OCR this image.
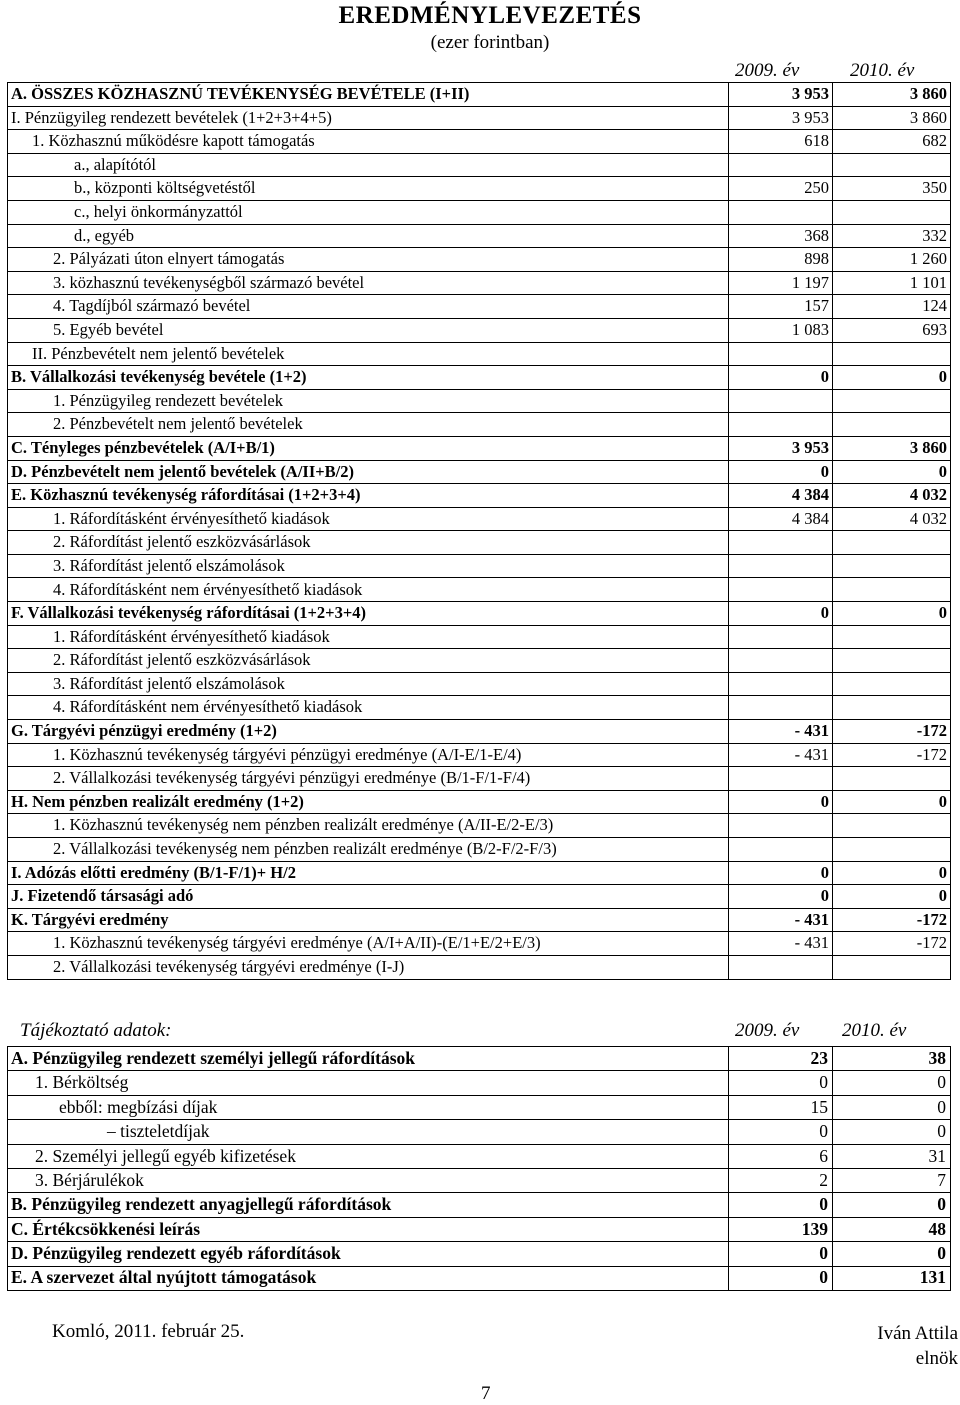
EREDMÉNYLEVEZETÉS
(ezer forintban)
2009. év	2010. év
A. ÖSSZES KÖZHASZNÚ TEVÉKENYSÉG BEVÉTELE (I+II)	3 953	3 860
I. Pénzügyileg rendezett bevételek (1+2+3+4+5)	3 953	3 860
1. Közhasznú működésre kapott támogatás	618	682
a., alapítótól		
b., központi költségvetéstől	250	350
c., helyi önkormányzattól		
d., egyéb	368	332
2. Pályázati úton elnyert támogatás	898	1 260
3. közhasznú tevékenységből származó bevétel	1 197	1 101
4. Tagdíjból származó bevétel	157	124
5. Egyéb bevétel	1 083	693
II. Pénzbevételt nem jelentő bevételek		
B. Vállalkozási tevékenység bevétele (1+2)	0	0
1. Pénzügyileg rendezett bevételek		
2. Pénzbevételt nem jelentő bevételek		
C. Tényleges pénzbevételek (A/I+B/1)	3 953	3 860
D. Pénzbevételt nem jelentő bevételek (A/II+B/2)	0	0
E. Közhasznú tevékenység ráfordításai (1+2+3+4)	4 384	4 032
1. Ráfordításként érvényesíthető kiadások	4 384	4 032
2. Ráfordítást jelentő eszközvásárlások		
3. Ráfordítást jelentő elszámolások		
4. Ráfordításként nem érvényesíthető kiadások		
F. Vállalkozási tevékenység ráfordításai (1+2+3+4)	0	0
1. Ráfordításként érvényesíthető kiadások		
2. Ráfordítást jelentő eszközvásárlások		
3. Ráfordítást jelentő elszámolások		
4. Ráfordításként nem érvényesíthető kiadások		
G. Tárgyévi pénzügyi eredmény (1+2)	- 431	-172
1. Közhasznú tevékenység tárgyévi pénzügyi eredménye (A/I-E/1-E/4)	- 431	-172
2. Vállalkozási tevékenység tárgyévi pénzügyi eredménye (B/1-F/1-F/4)		
H. Nem pénzben realizált eredmény (1+2)	0	0
1. Közhasznú tevékenység nem pénzben realizált eredménye (A/II-E/2-E/3)		
2. Vállalkozási tevékenység nem pénzben realizált eredménye (B/2-F/2-F/3)		
I. Adózás előtti eredmény (B/1-F/1)+ H/2	0	0
J. Fizetendő társasági adó	0	0
K. Tárgyévi eredmény	- 431	-172
1. Közhasznú tevékenység tárgyévi eredménye (A/I+A/II)-(E/1+E/2+E/3)	- 431	-172
2. Vállalkozási tevékenység tárgyévi eredménye (I-J)		
Tájékoztató adatok:	2009. év 2010. év
A. Pénzügyileg rendezett személyi jellegű ráfordítások	23	38
1. Bérköltség	0	0
ebből: megbízási díjak	15	0
– tiszteletdíjak	0	0
2. Személyi jellegű egyéb kifizetések	6	31
3. Bérjárulékok	2	7
B. Pénzügyileg rendezett anyagjellegű ráfordítások	0	0
C. Értékcsökkenési leírás	139	48
D. Pénzügyileg rendezett egyéb ráfordítások	0	0
E. A szervezet által nyújtott támogatások	0	131
Komló, 2011. február 25.	Iván Attila
elnök
7
